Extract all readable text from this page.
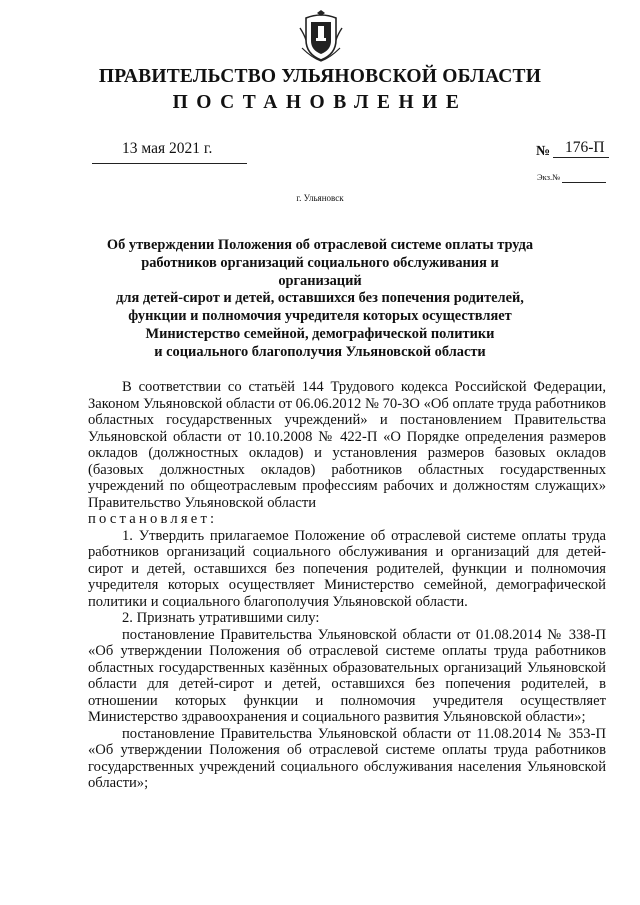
ПРАВИТЕЛЬСТВО УЛЬЯНОВСКОЙ ОБЛАСТИ
ПОСТАНОВЛЕНИЕ
13 мая 2021 г.	№ 176-П
Экз.№
г. Ульяновск
Об утверждении Положения об отраслевой системе оплаты труда
работников организаций социального обслуживания и организаций
для детей-сирот и детей, оставшихся без попечения родителей,
функции и полномочия учредителя которых осуществляет
Министерство семейной, демографической политики
и социального благополучия Ульяновской области

В соответствии со статьёй 144 Трудового кодекса Российской Федерации, Законом Ульяновской области от 06.06.2012 № 70-ЗО «Об оплате труда работников областных государственных учреждений» и постановлением Правительства Ульяновской области от 10.10.2008 № 422-П «О Порядке определения размеров окладов (должностных окладов) и установления размеров базовых окладов (базовых должностных окладов) работников областных государственных учреждений по общеотраслевым профессиям рабочих и должностям служащих» Правительство Ульяновской области

постановляет:

1. Утвердить прилагаемое Положение об отраслевой системе оплаты труда работников организаций социального обслуживания и организаций для детей-сирот и детей, оставшихся без попечения родителей, функции и полномочия учредителя которых осуществляет Министерство семейной, демографической политики и социального благополучия Ульяновской области.

2. Признать утратившими силу:

постановление Правительства Ульяновской области от 01.08.2014 № 338-П «Об утверждении Положения об отраслевой системе оплаты труда работников областных государственных казённых образовательных организаций Ульяновской области для детей-сирот и детей, оставшихся без попечения родителей, в отношении которых функции и полномочия учредителя осуществляет Министерство здравоохранения и социального развития Ульяновской области»;

постановление Правительства Ульяновской области от 11.08.2014 № 353-П «Об утверждении Положения об отраслевой системе оплаты труда работников государственных учреждений социального обслуживания населения Ульяновской области»;
